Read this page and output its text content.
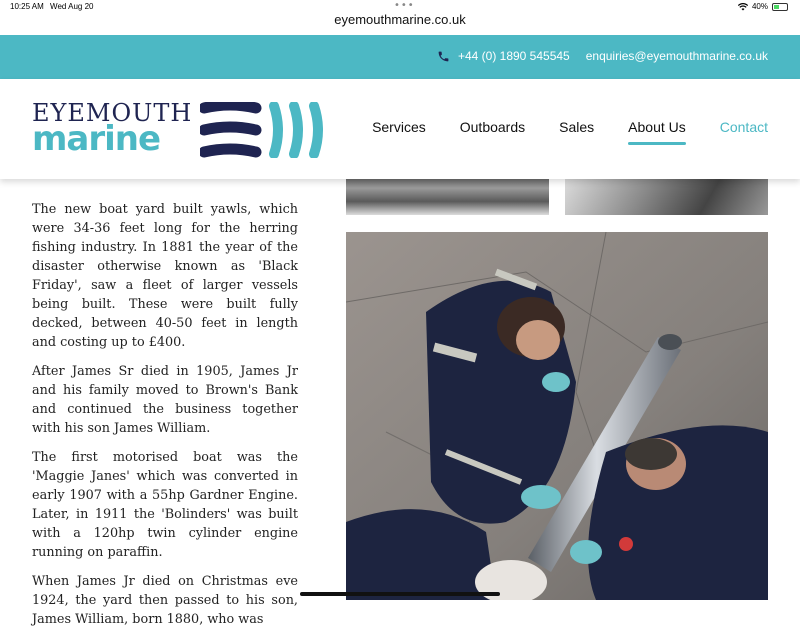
10:25 AM Wed Aug 20	•••	40%
eyemouthmarine.co.uk
+44 (0) 1890 545545 enquiries@eyemouthmarine.co.uk
EYEMOUTH
marine	Services Outboards Sales About Us Contact

The new boat yard built yawls, which were 34-36 feet long for the herring fishing industry. In 1881 the year of the disaster otherwise known as 'Black Friday', saw a fleet of larger vessels being built. These were built fully decked, between 40-50 feet in length and costing up to £400.

After James Sr died in 1905, James Jr and his family moved to Brown's Bank and continued the business together with his son James William.

The first motorised boat was the 'Maggie Janes' which was converted in early 1907 with a 55hp Gardner Engine. Later, in 1911 the 'Bolinders' was built with a 120hp twin cylinder engine running on paraffin.

When James Jr died on Christmas eve 1924, the yard then passed to his son, James William, born 1880, who was
